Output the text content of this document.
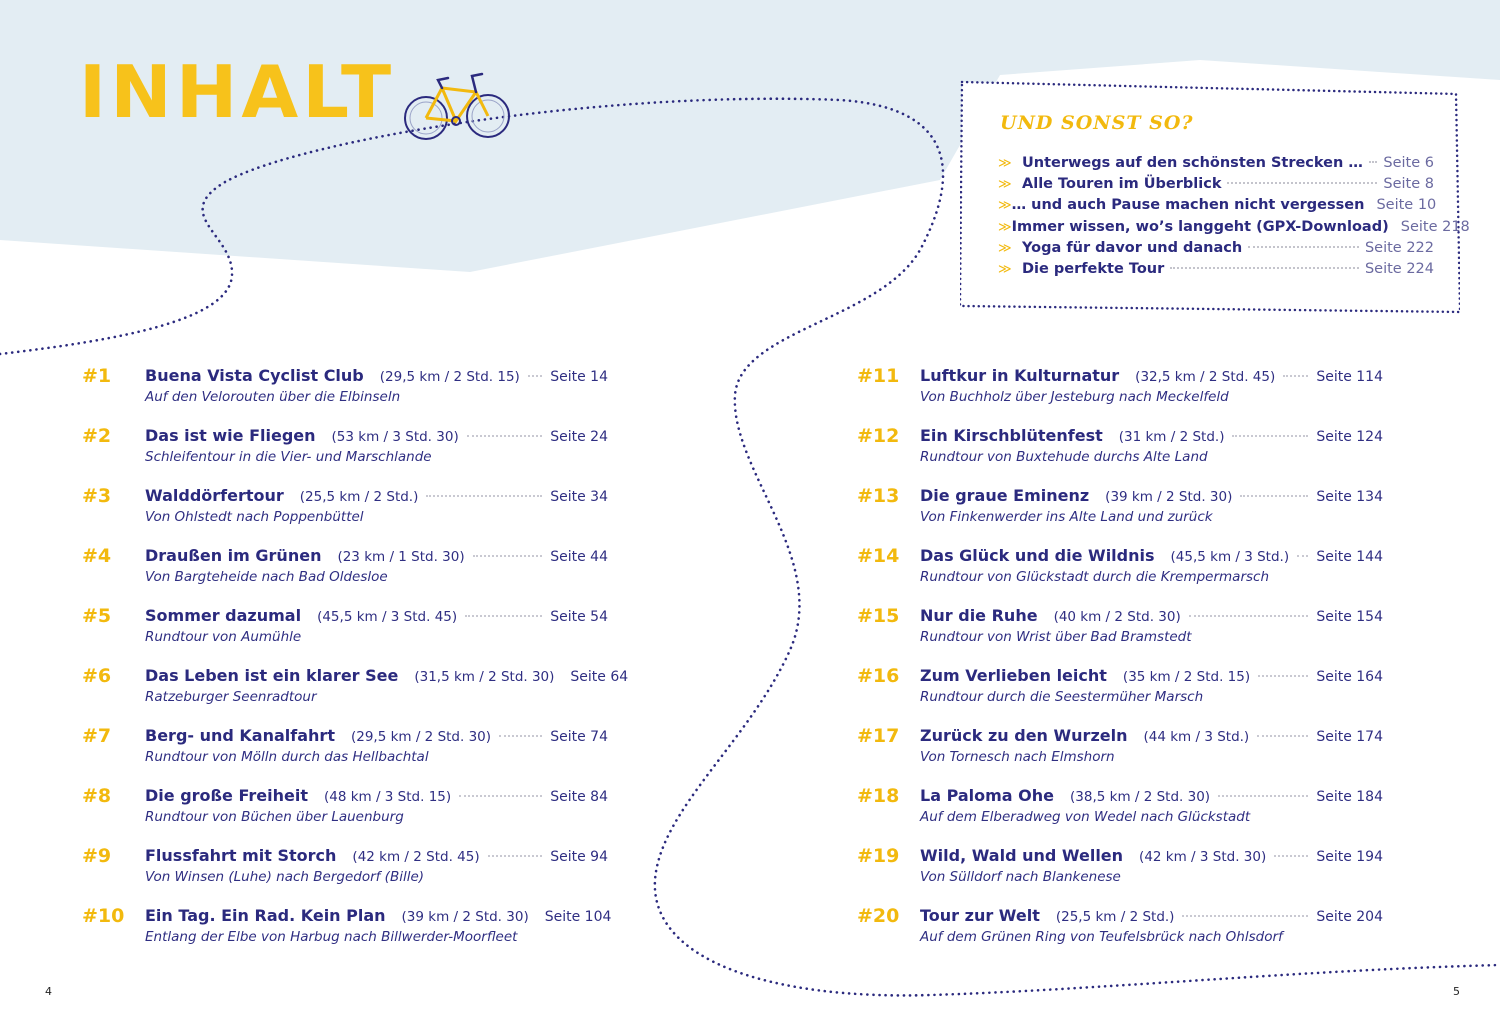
INHALT	UND SONST SO?
≫ Unterwegs auf den schönsten Strecken … Seite 6
≫ Alle Touren im Überblick	Seite 8
≫ … und auch Pause machen nicht vergessen Seite 10
≫ Immer wissen, wo’s langgeht (GPX-Download) Seite 218
≫ Yoga für davor und danach	Seite 222
≫ Die perfekte Tour	Seite 224
#1 Buena Vista Cyclist Club (29,5 km / 2 Std. 15) Seite 14
Auf den Velorouten über die Elbinseln
#2 Das ist wie Fliegen (53 km / 3 Std. 30)	Seite 24
Schleifentour in die Vier- und Marschlande
#3 Walddörfertour (25,5 km / 2 Std.)	Seite 34
Von Ohlstedt nach Poppenbüttel
#4 Draußen im Grünen (23 km / 1 Std. 30)	Seite 44
Von Bargteheide nach Bad Oldesloe
#5 Sommer dazumal (45,5 km / 3 Std. 45)	Seite 54
Rundtour von Aumühle
#6 Das Leben ist ein klarer See (31,5 km / 2 Std. 30) Seite 64
Ratzeburger Seenradtour
#7 Berg- und Kanalfahrt (29,5 km / 2 Std. 30)	Seite 74
Rundtour von Mölln durch das Hellbachtal
#8 Die große Freiheit (48 km / 3 Std. 15)	Seite 84
Rundtour von Büchen über Lauenburg
#9 Flussfahrt mit Storch (42 km / 2 Std. 45)	Seite 94
Von Winsen (Luhe) nach Bergedorf (Bille)
#10 Ein Tag. Ein Rad. Kein Plan (39 km / 2 Std. 30) Seite 104
Entlang der Elbe von Harbug nach Billwerder-Moorfleet
#11 Luftkur in Kulturnatur (32,5 km / 2 Std. 45)	Seite 114
Von Buchholz über Jesteburg nach Meckelfeld
#12 Ein Kirschblütenfest (31 km / 2 Std.)	Seite 124
Rundtour von Buxtehude durchs Alte Land
#13 Die graue Eminenz (39 km / 2 Std. 30)	Seite 134
Von Finkenwerder ins Alte Land und zurück
#14 Das Glück und die Wildnis (45,5 km / 3 Std.) Seite 144
Rundtour von Glückstadt durch die Krempermarsch
#15 Nur die Ruhe (40 km / 2 Std. 30)	Seite 154
Rundtour von Wrist über Bad Bramstedt
#16 Zum Verlieben leicht (35 km / 2 Std. 15)	Seite 164
Rundtour durch die Seestermüher Marsch
#17 Zurück zu den Wurzeln (44 km / 3 Std.)	Seite 174
Von Tornesch nach Elmshorn
#18 La Paloma Ohe (38,5 km / 2 Std. 30)	Seite 184
Auf dem Elberadweg von Wedel nach Glückstadt
#19 Wild, Wald und Wellen (42 km / 3 Std. 30)	Seite 194
Von Sülldorf nach Blankenese
#20 Tour zur Welt (25,5 km / 2 Std.)	Seite 204
Auf dem Grünen Ring von Teufelsbrück nach Ohlsdorf
4	5
